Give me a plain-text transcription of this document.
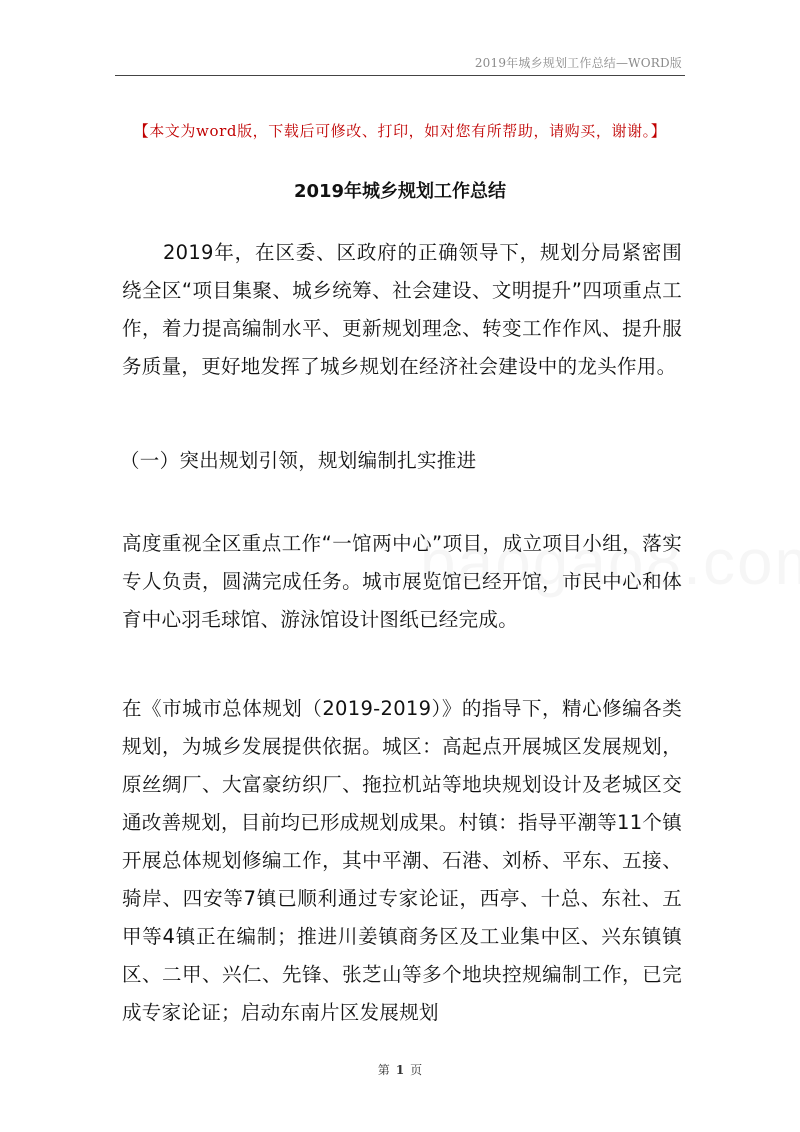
2019年城乡规划工作总结—WORD版
【本文为word版，下载后可修改、打印，如对您有所帮助，请购买，谢谢。】
2019年城乡规划工作总结

2019年，在区委、区政府的正确领导下，规划分局紧密围绕全区“项目集聚、城乡统筹、社会建设、文明提升”四项重点工作，着力提高编制水平、更新规划理念、转变工作作风、提升服务质量，更好地发挥了城乡规划在经济社会建设中的龙头作用。

（一）突出规划引领，规划编制扎实推进

高度重视全区重点工作“一馆两中心”项目，成立项目小组，落实专人负责，圆满完成任务。城市展览馆已经开馆，市民中心和体育中心羽毛球馆、游泳馆设计图纸已经完成。

在《市城市总体规划（2019-2019）》的指导下，精心修编各类规划，为城乡发展提供依据。城区：高起点开展城区发展规划，原丝绸厂、大富豪纺织厂、拖拉机站等地块规划设计及老城区交通改善规划，目前均已形成规划成果。村镇：指导平潮等11个镇开展总体规划修编工作，其中平潮、石港、刘桥、平东、五接、骑岸、四安等7镇已顺利通过专家论证，西亭、十总、东社、五甲等4镇正在编制；推进川姜镇商务区及工业集中区、兴东镇镇区、二甲、兴仁、先锋、张芝山等多个地块控规编制工作，已完成专家论证；启动东南片区发展规划

第 1 页
